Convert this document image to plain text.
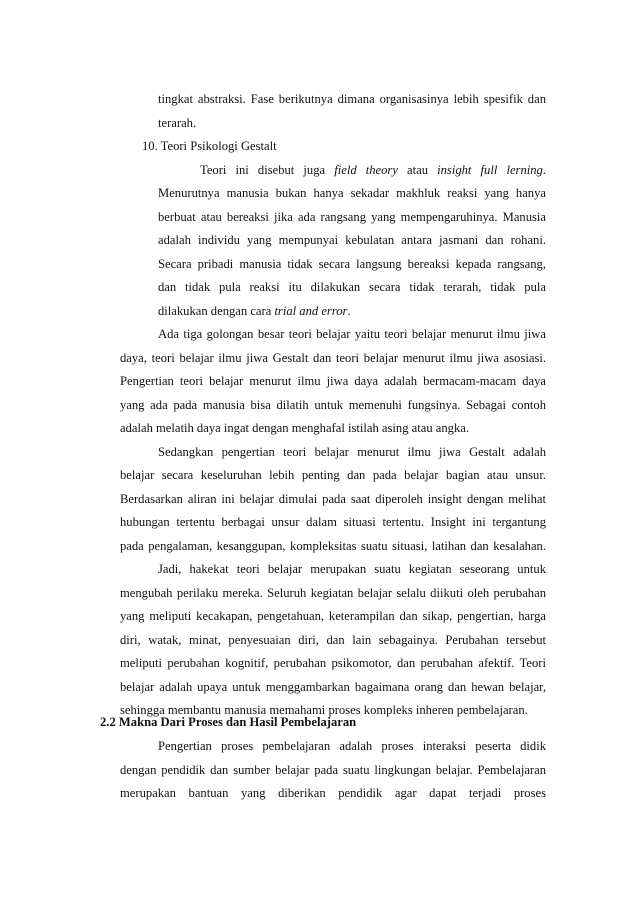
tingkat abstraksi. Fase berikutnya dimana organisasinya lebih spesifik dan

terarah.

10. Teori Psikologi Gestalt

Teori ini disebut juga field theory atau insight full lerning.

Menurutnya manusia bukan hanya sekadar makhluk reaksi yang hanya

berbuat atau bereaksi jika ada rangsang yang mempengaruhinya. Manusia

adalah individu yang mempunyai kebulatan antara jasmani dan rohani.

Secara pribadi manusia tidak secara langsung bereaksi kepada rangsang,

dan tidak pula reaksi itu dilakukan secara tidak terarah, tidak pula

dilakukan dengan cara trial and error.

Ada tiga golongan besar teori belajar yaitu teori belajar menurut ilmu jiwa

daya, teori belajar ilmu jiwa Gestalt dan teori belajar menurut ilmu jiwa asosiasi.

Pengertian teori belajar menurut ilmu jiwa daya adalah bermacam-macam daya

yang ada pada manusia bisa dilatih untuk memenuhi fungsinya. Sebagai contoh

adalah melatih daya ingat dengan menghafal istilah asing atau angka.

Sedangkan pengertian teori belajar menurut ilmu jiwa Gestalt adalah

belajar secara keseluruhan lebih penting dan pada belajar bagian atau unsur.

Berdasarkan aliran ini belajar dimulai pada saat diperoleh insight dengan melihat

hubungan tertentu berbagai unsur dalam situasi tertentu. Insight ini tergantung

pada pengalaman, kesanggupan, kompleksitas suatu situasi, latihan dan kesalahan.

Jadi, hakekat teori belajar merupakan suatu kegiatan seseorang untuk

mengubah perilaku mereka. Seluruh kegiatan belajar selalu diikuti oleh perubahan

yang meliputi kecakapan, pengetahuan, keterampilan dan sikap, pengertian, harga

diri, watak, minat, penyesuaian diri, dan lain sebagainya. Perubahan tersebut

meliputi perubahan kognitif, perubahan psikomotor, dan perubahan afektif. Teori

belajar adalah upaya untuk menggambarkan bagaimana orang dan hewan belajar,

sehingga membantu manusia memahami proses kompleks inheren pembelajaran.

2.2 Makna Dari Proses dan Hasil Pembelajaran

Pengertian proses pembelajaran adalah proses interaksi peserta didik

dengan pendidik dan sumber belajar pada suatu lingkungan belajar. Pembelajaran

merupakan bantuan yang diberikan pendidik agar dapat terjadi proses
